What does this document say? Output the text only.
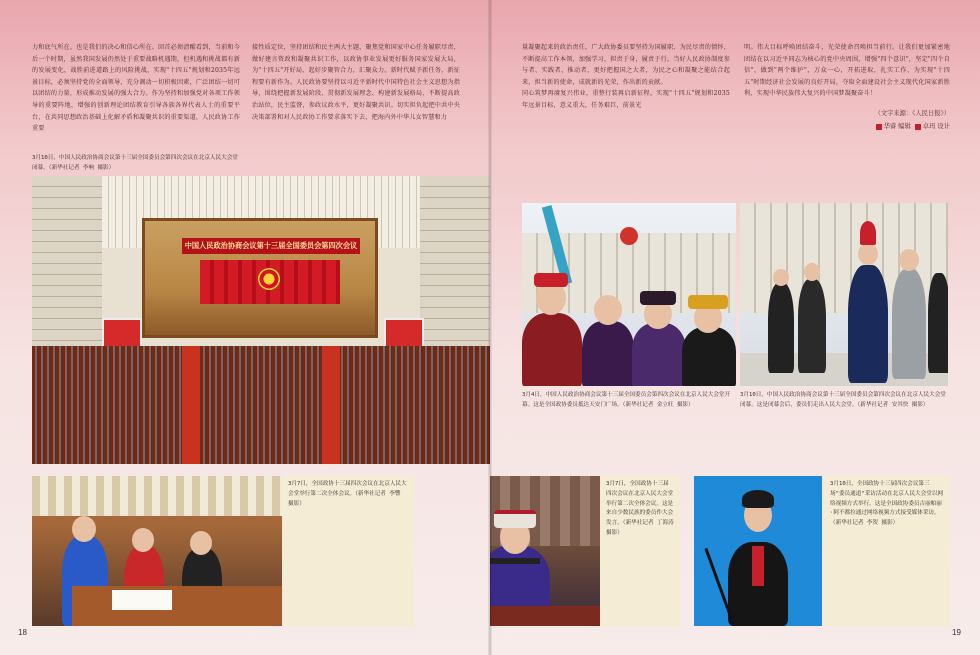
力和底气所在。也是我们的决心和信心所在。回首必须清醒看到，当前和今后一个时期，虽然我国发展仍然处于重要战略机遇期，但机遇和挑战都有新的发展变化，战胜前进道路上的风险挑战，实现"十四五"规划和2035年远景目标，必须坚持党的全面领导，充分调动一切积极因素，广泛团结一切可以团结的力量，形成推动发展的强大合力。作为坚持和加强党对各项工作领导的重要阵地，增强的创新理论团结教育引导各族各界代表人士的重要平台，在共同思想政治基础上化解矛盾和凝聚共识的重要渠道，人民政协工作重要
接性质定位，坚持团结和民主两大主题，聚焦党和国家中心任务履职尽责，做好建言资政和凝聚共识工作，以政协事业发展更好服务国家发展大局，为"十四五"开好局、起好步聚智合力，汇聚众力。新时代赋予新任务，新征程要有新作为。人民政协要坚持以习近平新时代中国特色社会主义思想为指导，围绕把握新发展阶段、贯彻新发展理念、构建新发展格局，不断提高政治站位，民主监督，参政议政水平，更好凝聚共识。切实担负起把中共中央决策部署和对人民政协工作要求落实下去，把海内外中华儿女智慧和力
3月10日，中国人民政治协商会议第十三届全国委员会第四次会议在北京人民大会堂闭幕。（新华社记者 李响 摄影）
中国人民政治协商会议第十三届全国委员会第四次会议
3月7日，全国政协十三届四次会议在北京人民大会堂举行第二次全体会议。（新华社记者 李響 摄影）
18
量凝聚起来的政治责任，广大政协委员要坚持为国履职、为民尽责的情怀，不断提高工作本领，加强学习，担责于身，履责于行，当好人民政协制度参与者、实践者、推动者，更好把握国之大者，为民之心和凝聚之能结合起来，担当新的使命，成就新的光荣，作出新的贡献。
同心筑梦再赓复兴伟业，重整行装再启新征程。实现"十四五"规划和2035年远景目标，意义重大，任务艰巨，前景光
明。伟大目标呼唤团结奋斗，光荣使命召唤担当前行。让我们更加紧密地团结在以习近平同志为核心的党中央周围，增强"四个意识"，坚定"四个自信"，做到"两个维护"，万众一心，开拓进取，扎实工作，为实现"十四五"时期经济社会发展的良好开局，夺取全面建设社会主义现代化国家新胜利，实现中华民族伟大复兴的中国梦凝聚奋斗！
（文字来源：《人民日报》）
华睿 编辑 卓玛 设计
3月4日，中国人民政治协商会议第十三届全国委员会第四次会议在北京人民大会堂开幕。这是全国政协委员抵达天安门广场。（新华社记者 金立旺 摄影）
3月10日，中国人民政治协商会议第十三届全国委员会第四次会议在北京人民大会堂闭幕。这是闭幕会后，委员们走出人民大会堂。（新华社记者 安其快 摄影）
3月7日，全国政协十三届四次会议在北京人民大会堂举行第二次全体会议。这是来自少数民族的委员作大会发言。（新华社记者 丁海涛 摄影）
3月10日，全国政协十三届四次会议第三场"委员通道"采访活动在北京人民大会堂以网络视频方式举行。这是全国政协委员古丽帕丽·阿不都拉通过网络视频方式接受媒体采访。（新华社记者 李贺 摄影）
19
